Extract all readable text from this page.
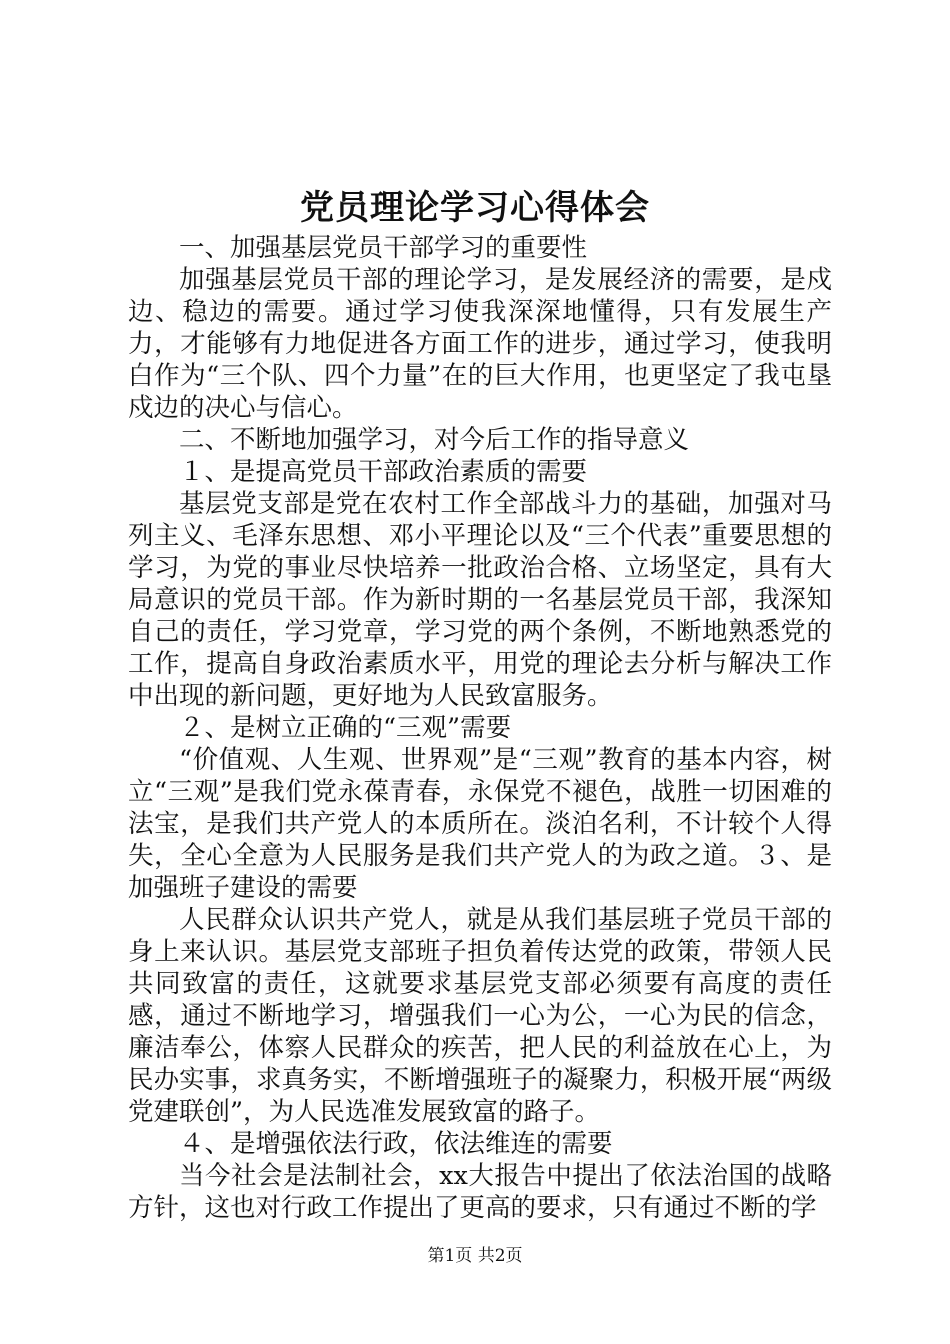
党员理论学习心得体会

一、加强基层党员干部学习的重要性

加强基层党员干部的理论学习，是发展经济的需要，是戍边、稳边的需要。通过学习使我深深地懂得，只有发展生产力，才能够有力地促进各方面工作的进步，通过学习，使我明白作为“三个队、四个力量”在的巨大作用，也更坚定了我屯垦戍边的决心与信心。

二、不断地加强学习，对今后工作的指导意义

１、是提高党员干部政治素质的需要

基层党支部是党在农村工作全部战斗力的基础，加强对马列主义、毛泽东思想、邓小平理论以及“三个代表”重要思想的学习，为党的事业尽快培养一批政治合格、立场坚定，具有大局意识的党员干部。作为新时期的一名基层党员干部，我深知自己的责任，学习党章，学习党的两个条例，不断地熟悉党的工作，提高自身政治素质水平，用党的理论去分析与解决工作中出现的新问题，更好地为人民致富服务。

２、是树立正确的“三观”需要

“价值观、人生观、世界观”是“三观”教育的基本内容，树立“三观”是我们党永葆青春，永保党不褪色，战胜一切困难的法宝，是我们共产党人的本质所在。淡泊名利，不计较个人得失，全心全意为人民服务是我们共产党人的为政之道。３、是加强班子建设的需要

人民群众认识共产党人，就是从我们基层班子党员干部的身上来认识。基层党支部班子担负着传达党的政策，带领人民共同致富的责任，这就要求基层党支部必须要有高度的责任感，通过不断地学习，增强我们一心为公，一心为民的信念，廉洁奉公，体察人民群众的疾苦，把人民的利益放在心上，为民办实事，求真务实，不断增强班子的凝聚力，积极开展“两级党建联创”，为人民选准发展致富的路子。

４、是增强依法行政，依法维连的需要

当今社会是法制社会，xx大报告中提出了依法治国的战略方针，这也对行政工作提出了更高的要求，只有通过不断的学

第1页 共2页
